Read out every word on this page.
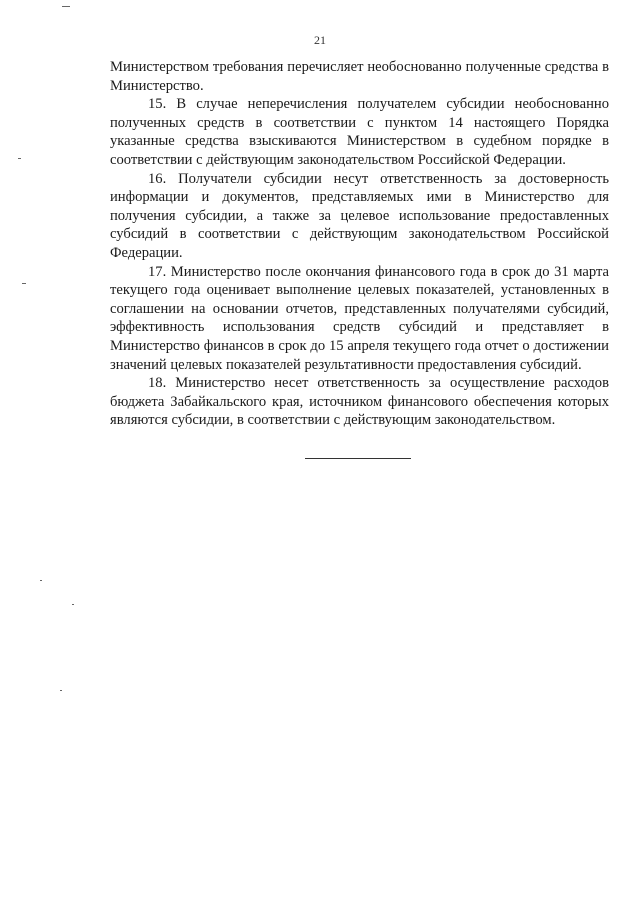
21

Министерством требования перечисляет необоснованно полученные средства в Министерство.

15. В случае неперечисления получателем субсидии необоснованно полученных средств в соответствии с пунктом 14 настоящего Порядка указанные средства взыскиваются Министерством в судебном порядке в соответствии с действующим законодательством Российской Федерации.

16. Получатели субсидии несут ответственность за достоверность информации и документов, представляемых ими в Министерство для получения субсидии, а также за целевое использование предоставленных субсидий в соответствии с действующим законодательством Российской Федерации.

17. Министерство после окончания финансового года в срок до 31 марта текущего года оценивает выполнение целевых показателей, установленных в соглашении на основании отчетов, представленных получателями субсидий, эффективность использования средств субсидий и представляет в Министерство финансов в срок до 15 апреля текущего года отчет о достижении значений целевых показателей результативности предоставления субсидий.

18. Министерство несет ответственность за осуществление расходов бюджета Забайкальского края, источником финансового обеспечения которых являются субсидии, в соответствии с действующим законодательством.
